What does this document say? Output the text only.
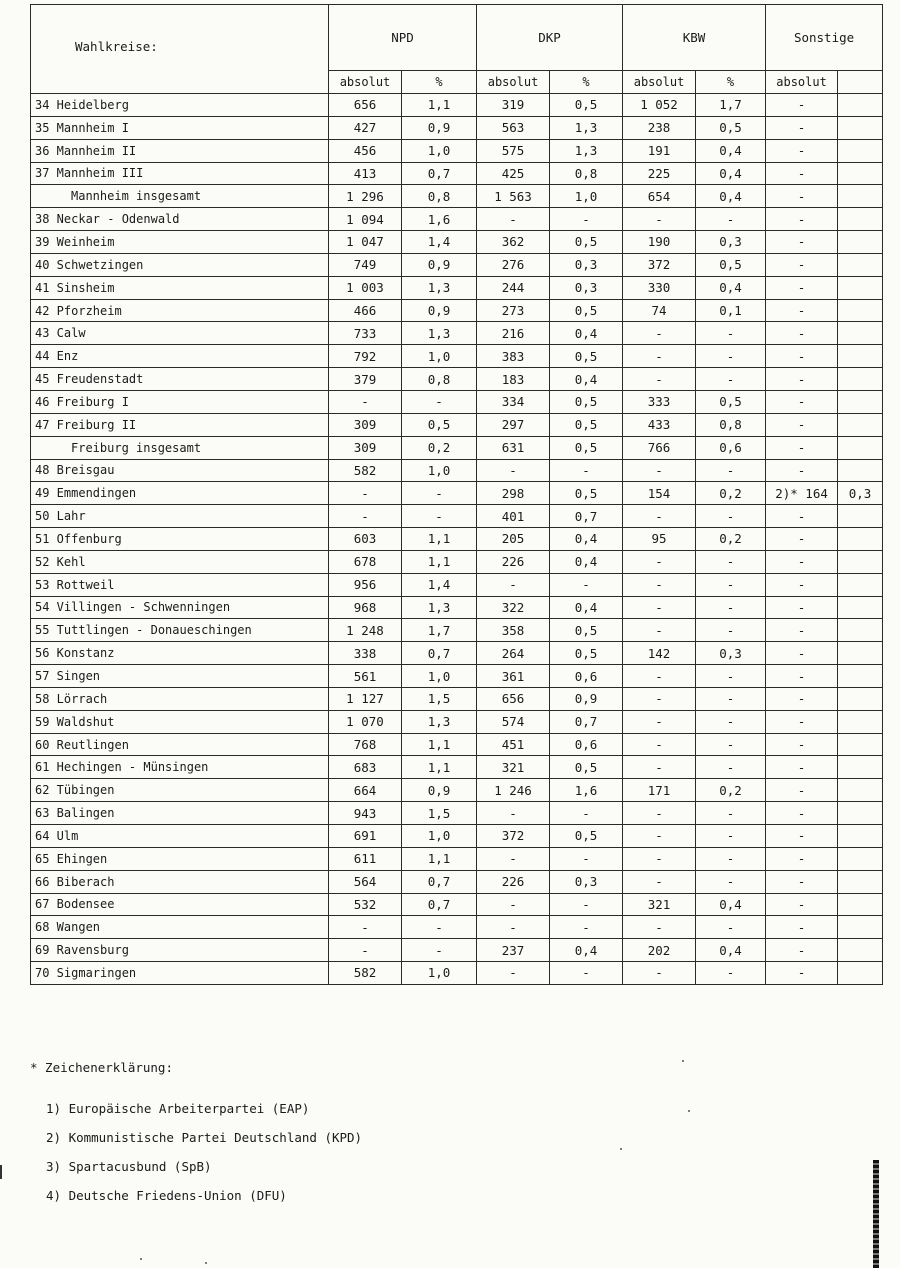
Wahlkreise:	NPD		DKP		KBW		Sonstige	
	absolut	%	absolut	%	absolut	%	absolut	
34 Heidelberg	656	1,1	319	0,5	1 052	1,7	-	
35 Mannheim I	427	0,9	563	1,3	238	0,5	-	
36 Mannheim II	456	1,0	575	1,3	191	0,4	-	
37 Mannheim III	413	0,7	425	0,8	225	0,4	-	
Mannheim insgesamt	1 296	0,8	1 563	1,0	654	0,4	-	
38 Neckar - Odenwald	1 094	1,6	-	-	-	-	-	
39 Weinheim	1 047	1,4	362	0,5	190	0,3	-	
40 Schwetzingen	749	0,9	276	0,3	372	0,5	-	
41 Sinsheim	1 003	1,3	244	0,3	330	0,4	-	
42 Pforzheim	466	0,9	273	0,5	74	0,1	-	
43 Calw	733	1,3	216	0,4	-	-	-	
44 Enz	792	1,0	383	0,5	-	-	-	
45 Freudenstadt	379	0,8	183	0,4	-	-	-	
46 Freiburg I	-	-	334	0,5	333	0,5	-	
47 Freiburg II	309	0,5	297	0,5	433	0,8	-	
Freiburg insgesamt	309	0,2	631	0,5	766	0,6	-	
48 Breisgau	582	1,0	-	-	-	-	-	
49 Emmendingen	-	-	298	0,5	154	0,2	2)* 164	0,3
50 Lahr	-	-	401	0,7	-	-	-	
51 Offenburg	603	1,1	205	0,4	95	0,2	-	
52 Kehl	678	1,1	226	0,4	-	-	-	
53 Rottweil	956	1,4	-	-	-	-	-	
54 Villingen - Schwenningen	968	1,3	322	0,4	-	-	-	
55 Tuttlingen - Donaueschingen	1 248	1,7	358	0,5	-	-	-	
56 Konstanz	338	0,7	264	0,5	142	0,3	-	
57 Singen	561	1,0	361	0,6	-	-	-	
58 Lörrach	1 127	1,5	656	0,9	-	-	-	
59 Waldshut	1 070	1,3	574	0,7	-	-	-	
60 Reutlingen	768	1,1	451	0,6	-	-	-	
61 Hechingen - Münsingen	683	1,1	321	0,5	-	-	-	
62 Tübingen	664	0,9	1 246	1,6	171	0,2	-	
63 Balingen	943	1,5	-	-	-	-	-	
64 Ulm	691	1,0	372	0,5	-	-	-	
65 Ehingen	611	1,1	-	-	-	-	-	
66 Biberach	564	0,7	226	0,3	-	-	-	
67 Bodensee	532	0,7	-	-	321	0,4	-	
68 Wangen	-	-	-	-	-	-	-	
69 Ravensburg	-	-	237	0,4	202	0,4	-	
70 Sigmaringen	582	1,0	-	-	-	-	-	
* Zeichenerklärung:
1) Europäische Arbeiterpartei (EAP)
2) Kommunistische Partei Deutschland (KPD)
3) Spartacusbund (SpB)
4) Deutsche Friedens-Union (DFU)
